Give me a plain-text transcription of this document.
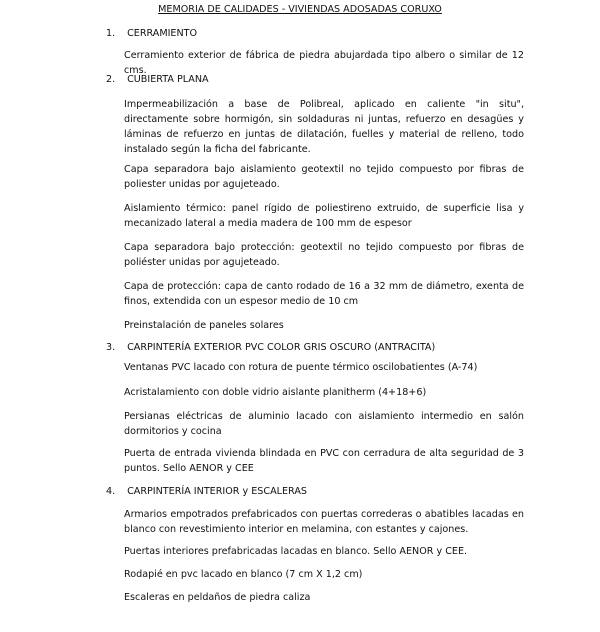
MEMORIA DE CALIDADES - VIVIENDAS ADOSADAS CORUXO
1. CERRAMIENTO
Cerramiento exterior de fábrica de piedra abujardada tipo albero o similar de 12 cms.
2. CUBIERTA PLANA
Impermeabilización a base de Polibreal, aplicado en caliente "in situ", directamente sobre hormigón, sin soldaduras ni juntas, refuerzo en desagües y láminas de refuerzo en juntas de dilatación, fuelles y material de relleno, todo instalado según la ficha del fabricante.
Capa separadora bajo aislamiento geotextil no tejido compuesto por fibras de poliester unidas por agujeteado.
Aislamiento térmico: panel rígido de poliestireno extruido, de superficie lisa y mecanizado lateral a media madera de 100 mm de espesor
Capa separadora bajo protección: geotextil no tejido compuesto por fibras de poliéster unidas por agujeteado.
Capa de protección: capa de canto rodado de 16 a 32 mm de diámetro, exenta de finos, extendida con un espesor medio de 10 cm
Preinstalación de paneles solares
3. CARPINTERÍA EXTERIOR PVC COLOR GRIS OSCURO (ANTRACITA)
Ventanas PVC lacado con rotura de puente térmico oscilobatientes (A-74)
Acristalamiento con doble vidrio aislante planitherm (4+18+6)
Persianas eléctricas de aluminio lacado con aislamiento intermedio en salón dormitorios y cocina
Puerta de entrada vivienda blindada en PVC con cerradura de alta seguridad de 3 puntos. Sello AENOR y CEE
4. CARPINTERÍA INTERIOR y ESCALERAS
Armarios empotrados prefabricados con puertas correderas o abatibles lacadas en blanco con revestimiento interior en melamina, con estantes y cajones.
Puertas interiores prefabricadas lacadas en blanco. Sello AENOR y CEE.
Rodapié en pvc lacado en blanco (7 cm X 1,2 cm)
Escaleras en peldaños de piedra caliza
